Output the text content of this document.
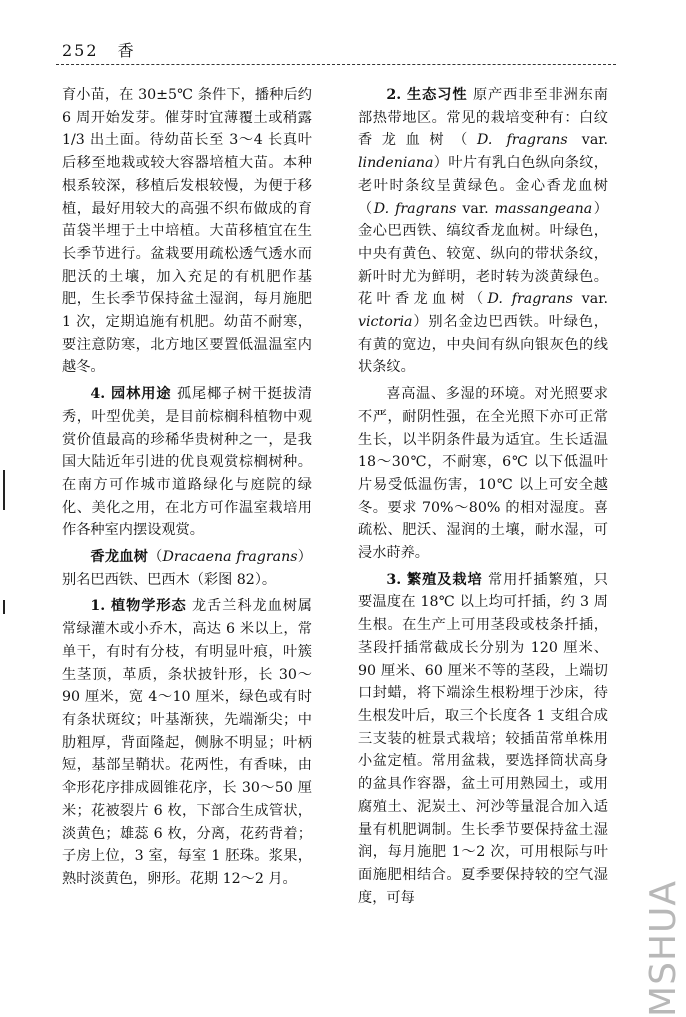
252 香

育小苗，在 30±5℃ 条件下，播种后约 6 周开始发芽。催芽时宜薄覆土或稍露 1/3 出土面。待幼苗长至 3～4 长真叶后移至地栽或较大容器培植大苗。本种根系较深，移植后发根较慢，为便于移植，最好用较大的高强不织布做成的育苗袋半埋于土中培植。大苗移植宜在生长季节进行。盆栽要用疏松透气透水而肥沃的土壤，加入充足的有机肥作基肥，生长季节保持盆土湿润，每月施肥 1 次，定期追施有机肥。幼苗不耐寒，要注意防寒，北方地区要置低温温室内越冬。

4. 园林用途 孤尾椰子树干挺拔清秀，叶型优美，是目前棕榈科植物中观赏价值最高的珍稀华贵树种之一，是我国大陆近年引进的优良观赏棕榈树种。在南方可作城市道路绿化与庭院的绿化、美化之用，在北方可作温室栽培用作各种室内摆设观赏。

香龙血树（Dracaena fragrans）别名巴西铁、巴西木（彩图 82）。

1. 植物学形态 龙舌兰科龙血树属常绿灌木或小乔木，高达 6 米以上，常单干，有时有分枝，有明显叶痕，叶簇生茎顶，革质，条状披针形，长 30～90 厘米，宽 4～10 厘米，绿色或有时有条状斑纹；叶基渐狭，先端渐尖；中肋粗厚，背面隆起，侧脉不明显；叶柄短，基部呈鞘状。花两性，有香味，由伞形花序排成圆锥花序，长 30～50 厘米；花被裂片 6 枚，下部合生成管状，淡黄色；雄蕊 6 枚，分离，花药背着；子房上位，3 室，每室 1 胚珠。浆果，熟时淡黄色，卵形。花期 12～2 月。

2. 生态习性 原产西非至非洲东南部热带地区。常见的栽培变种有：白纹香龙血树（D. fragrans var. lindeniana）叶片有乳白色纵向条纹，老叶时条纹呈黄绿色。金心香龙血树（D. fragrans var. massangeana）金心巴西铁、缟纹香龙血树。叶绿色，中央有黄色、较宽、纵向的带状条纹，新叶时尤为鲜明，老时转为淡黄绿色。花叶香龙血树（D. fragrans var. victoria）别名金边巴西铁。叶绿色，有黄的宽边，中央间有纵向银灰色的线状条纹。

喜高温、多湿的环境。对光照要求不严，耐阴性强，在全光照下亦可正常生长，以半阴条件最为适宜。生长适温 18～30℃，不耐寒，6℃ 以下低温叶片易受低温伤害，10℃ 以上可安全越冬。要求 70%～80% 的相对湿度。喜疏松、肥沃、湿润的土壤，耐水湿，可浸水莳养。

3. 繁殖及栽培 常用扦插繁殖，只要温度在 18℃ 以上均可扦插，约 3 周生根。在生产上可用茎段或枝条扦插，茎段扦插常截成长分别为 120 厘米、90 厘米、60 厘米不等的茎段，上端切口封蜡，将下端涂生根粉埋于沙床，待生根发叶后，取三个长度各 1 支组合成三支装的桩景式栽培；较插苗常单株用小盆定植。常用盆栽，要选择筒状高身的盆具作容器，盆土可用熟园土，或用腐殖土、泥炭土、河沙等量混合加入适量有机肥调制。生长季节要保持盆土湿润，每月施肥 1～2 次，可用根际与叶面施肥相结合。夏季要保持较的空气湿度，可每	MSHUA
